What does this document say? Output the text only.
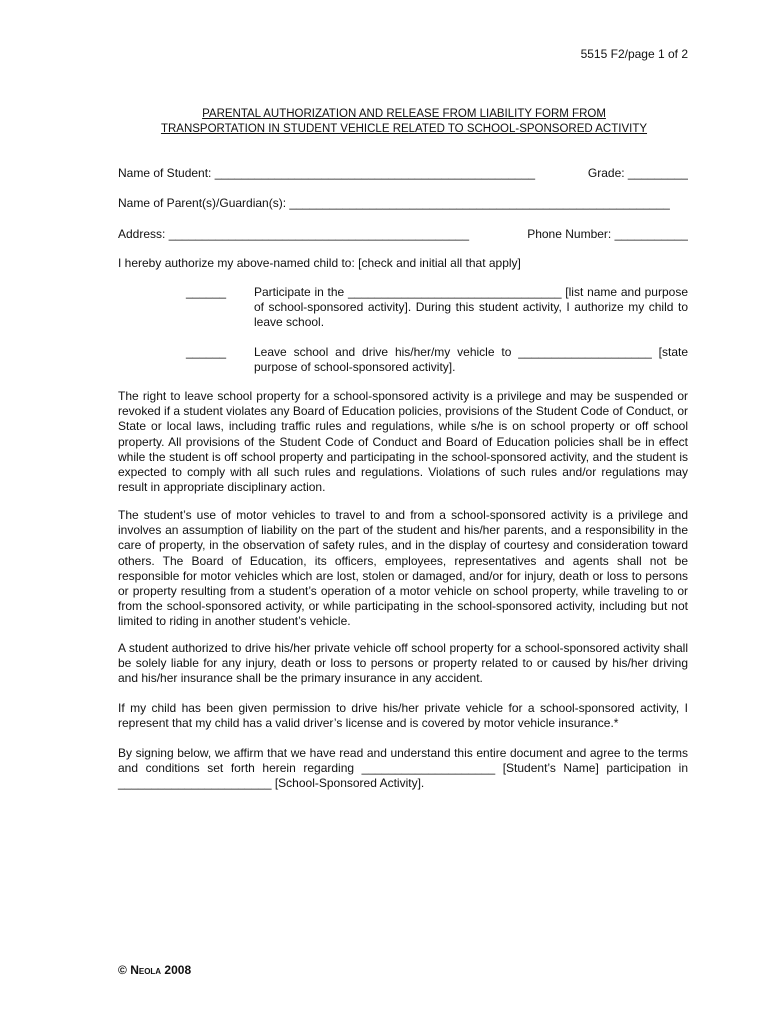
5515 F2/page 1 of 2
PARENTAL AUTHORIZATION AND RELEASE FROM LIABILITY FORM FROM
TRANSPORTATION IN STUDENT VEHICLE RELATED TO SCHOOL-SPONSORED ACTIVITY
Name of Student: ________________________________________________	Grade: _________
Name of Parent(s)/Guardian(s): _________________________________________________________
Address: _____________________________________________	Phone Number: ___________
I hereby authorize my above-named child to: [check and initial all that apply]
______ Participate in the ________________________________ [list name and purpose of school-sponsored activity]. During this student activity, I authorize my child to leave school.
______ Leave school and drive his/her/my vehicle to ____________________ [state purpose of school-sponsored activity].

The right to leave school property for a school-sponsored activity is a privilege and may be suspended or revoked if a student violates any Board of Education policies, provisions of the Student Code of Conduct, or State or local laws, including traffic rules and regulations, while s/he is on school property or off school property. All provisions of the Student Code of Conduct and Board of Education policies shall be in effect while the student is off school property and participating in the school-sponsored activity, and the student is expected to comply with all such rules and regulations. Violations of such rules and/or regulations may result in appropriate disciplinary action.

The student’s use of motor vehicles to travel to and from a school-sponsored activity is a privilege and involves an assumption of liability on the part of the student and his/her parents, and a responsibility in the care of property, in the observation of safety rules, and in the display of courtesy and consideration toward others. The Board of Education, its officers, employees, representatives and agents shall not be responsible for motor vehicles which are lost, stolen or damaged, and/or for injury, death or loss to persons or property resulting from a student’s operation of a motor vehicle on school property, while traveling to or from the school-sponsored activity, or while participating in the school-sponsored activity, including but not limited to riding in another student’s vehicle.

A student authorized to drive his/her private vehicle off school property for a school-sponsored activity shall be solely liable for any injury, death or loss to persons or property related to or caused by his/her driving and his/her insurance shall be the primary insurance in any accident.

If my child has been given permission to drive his/her private vehicle for a school-sponsored activity, I represent that my child has a valid driver’s license and is covered by motor vehicle insurance.*

By signing below, we affirm that we have read and understand this entire document and agree to the terms and conditions set forth herein regarding ____________________ [Student’s Name] participation in _______________________ [School-Sponsored Activity].

© Neola 2008
